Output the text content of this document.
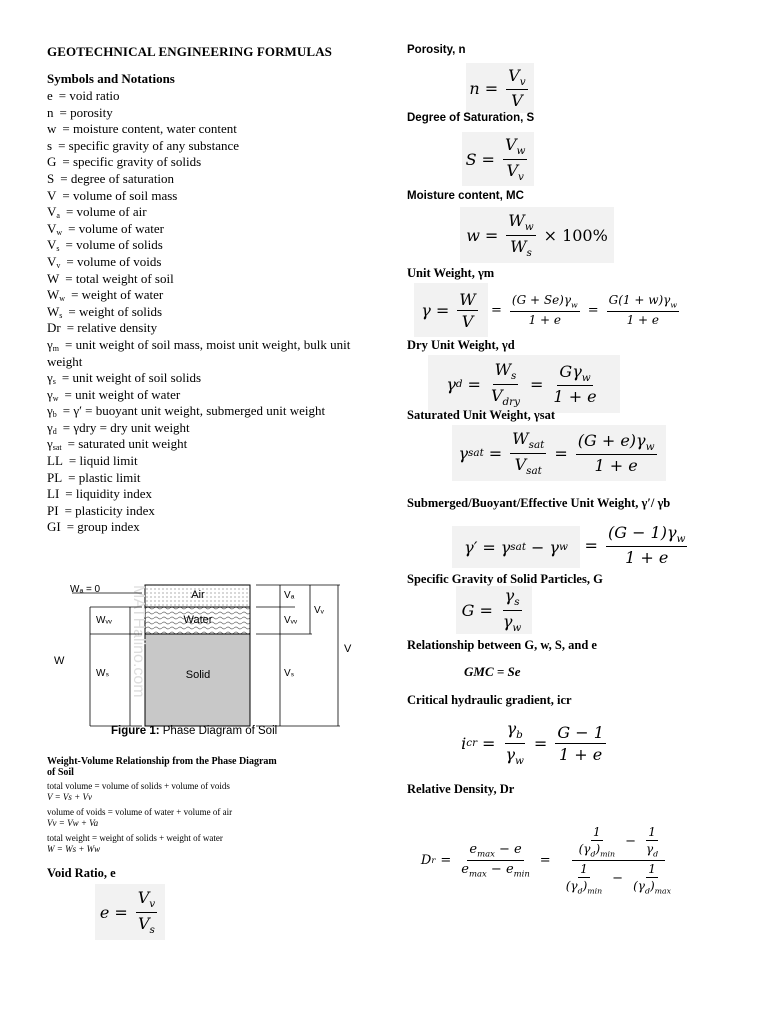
GEOTECHNICAL ENGINEERING FORMULAS
Symbols and Notations
e = void ratio
n = porosity
w = moisture content, water content
s = specific gravity of any substance
G = specific gravity of solids
S = degree of saturation
V = volume of soil mass
$V_a$ = volume of air
$V_w$ = volume of water
$V_s$ = volume of solids
$V_v$ = volume of voids
W = total weight of soil
$W_w$ = weight of water
$W_s$ = weight of solids
Dr = relative density
$\gamma_m$ = unit weight of soil mass, moist unit weight, bulk unit weight
$\gamma_s$ = unit weight of soil solids
$\gamma_w$ = unit weight of water
$\gamma_b = \gamma'$ = buoyant unit weight, submerged unit weight
$\gamma_d = \gamma dry$ = dry unit weight
$\gamma_{sat}$ = saturated unit weight
LL = liquid limit
PL = plastic limit
LI = liquidity index
PI = plasticity index
GI = group index
Air
Water
Solid
MATHalino.com
Wₐ = 0
Wᵥᵥ
Wₛ
W
Vₐ
Vᵥᵥ
Vᵥ
Vₛ
V
Figure 1: Phase Diagram of Soil
Weight-Volume Relationship from the Phase Diagram of Soil
total volume = volume of solids + volume of voids
V = Vs + Vv
volume of voids = volume of water + volume of air
Vv = Vw + Va
total weight = weight of solids + weight of water
W = Ws + Ww
Void Ratio, e
$e = \frac{V_v}{V_s}$
Porosity, n
$n = \frac{V_v}{V}$
Degree of Saturation, S
$S = \frac{V_w}{V_v}$
Moisture content, MC
$w = \frac{W_w}{W_s} \times 100\%$
Unit Weight, γm
$\gamma = \frac{W}{V} = \frac{(G + Se)\gamma_w}{1 + e} = \frac{G(1 + w)\gamma_w}{1 + e}$
Dry Unit Weight, γd
γ $d = \frac{W_s}{V_{dry}} = \frac{G\gamma_w}{1 + e}$
Saturated Unit Weight, γsat
γ sat = $\frac{W_{sat}}{V_{sat}} = \frac{(G + e)\gamma_w}{1 + e}$
Submerged/Buoyant/Effective Unit Weight, γ′/ γb
γ′ = γ sat − γ $w = \frac{(G - 1)\gamma_w}{1 + e}$
Specific Gravity of Solid Particles, G
$G = \frac{\gamma_s}{\gamma_w}$
Relationship between G, w, S, and e
GMC = Se
Critical hydraulic gradient, icr
i cr = $\frac{\gamma_b}{\gamma_w} = \frac{G - 1}{1 + e}$
Relative Density, Dr
D $r = \frac{e_{max} - e}{e_{max} - e_{min}} = \frac{\frac{1}{(\gamma_d)_{min}} - \frac{1}{\gamma_d}}{\frac{1}{(\gamma_d)_{min}} - \frac{1}{(\gamma_d)_{max}}}$
